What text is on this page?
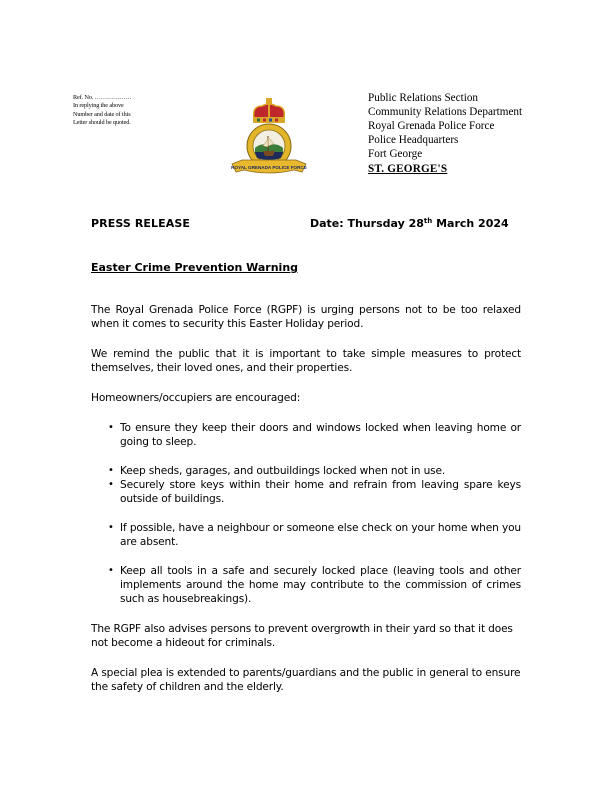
Ref. No. ………………
In replying the above
Number and date of this
Letter should be quoted.
ROYAL GRENADA POLICE FORCE
Public Relations Section
Community Relations Department
Royal Grenada Police Force
Police Headquarters
Fort George
ST. GEORGE'S
PRESS RELEASE	Date: Thursday 28th March 2024
Easter Crime Prevention Warning

The Royal Grenada Police Force (RGPF) is urging persons not to be too relaxed when it comes to security this Easter Holiday period.

We remind the public that it is important to take simple measures to protect themselves, their loved ones, and their properties.

Homeowners/occupiers are encouraged:

•
To ensure they keep their doors and windows locked when leaving home or going to sleep.
•
Keep sheds, garages, and outbuildings locked when not in use.
•
Securely store keys within their home and refrain from leaving spare keys outside of buildings.
•
If possible, have a neighbour or someone else check on your home when you are absent.
•
Keep all tools in a safe and securely locked place (leaving tools and other implements around the home may contribute to the commission of crimes such as housebreakings).

The RGPF also advises persons to prevent overgrowth in their yard so that it does not become a hideout for criminals.

A special plea is extended to parents/guardians and the public in general to ensure the safety of children and the elderly.
